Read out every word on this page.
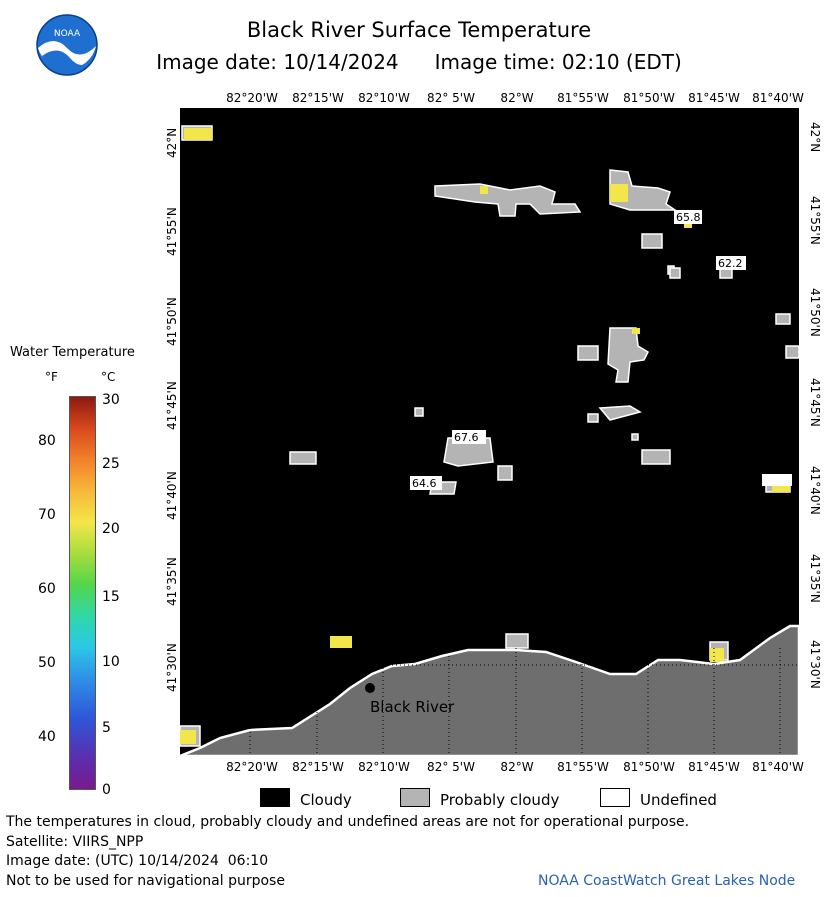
NOAA	Black River Surface Temperature
Image date: 10/14/2024 Image time: 02:10 (EDT)
Black River
65.8
62.2
67.6
64.6
82°20'W 82°15'W 82°10'W 82° 5'W 82°W 81°55'W 81°50'W 81°45'W 81°40'W
82°20'W 82°15'W 82°10'W 82° 5'W 82°W 81°55'W 81°50'W 81°45'W 81°40'W
42°N
41°55'N
41°50'N
41°45'N
41°40'N
41°35'N
41°30'N
42°N
41°55'N
41°50'N
41°45'N
41°40'N
41°35'N
41°30'N
Water Temperature
°F	°C
80
70
60
50
40
30
25
20
15
10
5
0
Cloudy	Probably cloudy	Undefined
The temperatures in cloud, probably cloudy and undefined areas are not for operational purpose.
Satellite: VIIRS_NPP
Image date: (UTC) 10/14/2024  06:10
Not to be used for navigational purpose	NOAA CoastWatch Great Lakes Node
